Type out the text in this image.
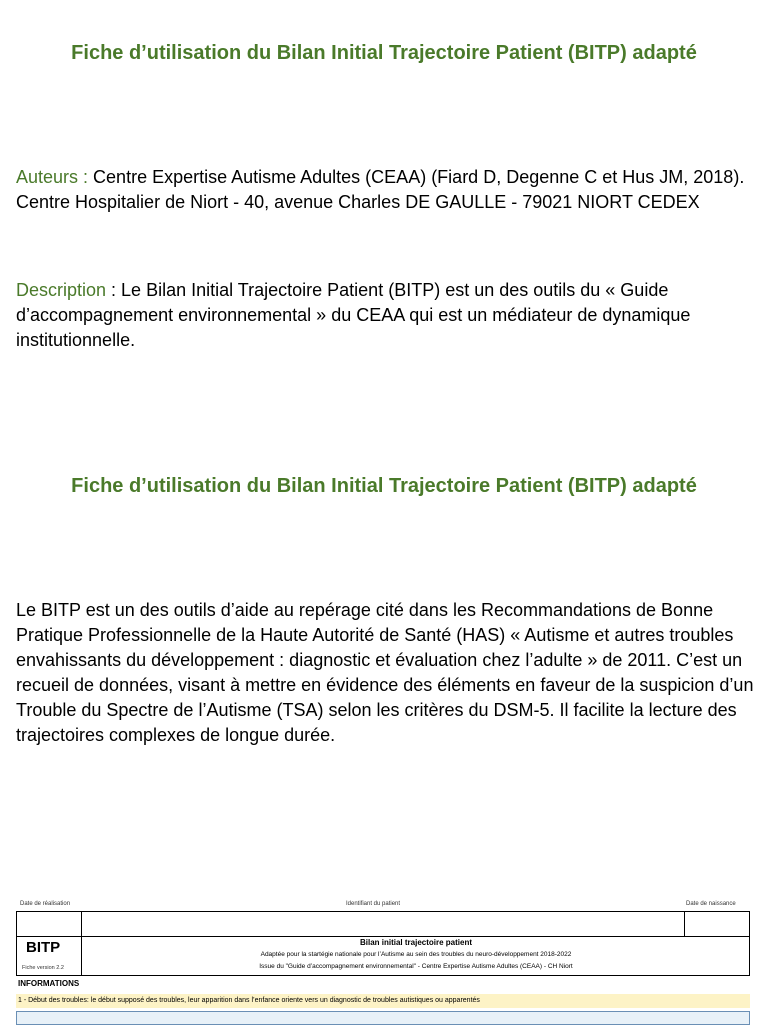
Fiche d’utilisation du Bilan Initial Trajectoire Patient (BITP) adapté
Auteurs : Centre Expertise Autisme Adultes (CEAA) (Fiard D, Degenne C et Hus JM, 2018). Centre Hospitalier de Niort - 40, avenue Charles DE GAULLE - 79021 NIORT CEDEX
Description : Le Bilan Initial Trajectoire Patient (BITP) est un des outils du « Guide d’accompagnement environnemental » du CEAA qui est un médiateur de dynamique institutionnelle.
Fiche d’utilisation du Bilan Initial Trajectoire Patient (BITP) adapté
Le BITP est un des outils d’aide au repérage cité dans les Recommandations de Bonne Pratique Professionnelle de la Haute Autorité de Santé (HAS) « Autisme et autres troubles envahissants du développement : diagnostic et évaluation chez l’adulte » de 2011. C’est un recueil de données, visant à mettre en évidence des éléments en faveur de la suspicion d’un Trouble du Spectre de l’Autisme (TSA) selon les critères du DSM-5. Il facilite la lecture des trajectoires complexes de longue durée.
Date de réalisation	Identifiant du patient	Date de naissance
BITP
Fiche version 2.2
Bilan initial trajectoire patient
Adaptée pour la startégie nationale pour l’Autisme au sein des troubles du neuro-développement 2018-2022
Issue du "Guide d’accompagnement environnemental" - Centre Expertise Autisme Adultes (CEAA) - CH Niort
INFORMATIONS
1 - Début des troubles: le début supposé des troubles, leur apparition dans l’enfance oriente vers un diagnostic de troubles autistiques ou apparentés
